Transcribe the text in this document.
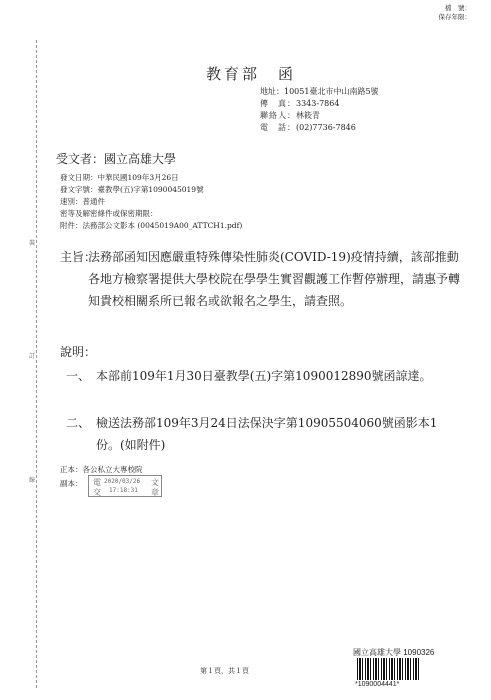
檔　號：
保存年限：
裝
訂
線
教育部　函
地址：10051臺北市中山南路5號
傳　真：3343-7864
聯絡人：林筱青
電　話：(02)7736-7846
受文者：國立高雄大學
發文日期：中華民國109年3月26日
發文字號：臺教學(五)字第1090045019號
速別：普通件
密等及解密條件或保密期限：
附件：法務部公文影本 (0045019A00_ATTCH1.pdf)
主旨：
法務部函知因應嚴重特殊傳染性肺炎(COVID-19)疫情持續，該部推動各地方檢察署提供大學校院在學學生實習觀護工作暫停辦理，請惠予轉知貴校相關系所已報名或欲報名之學生，請查照。
說明：
一、 本部前109年1月30日臺教學(五)字第1090012890號函諒達。
二、 檢送法務部109年3月24日法保決字第10905504060號函影本1份。(如附件)
正本：各公私立大專校院
副本： 電
交
文
章
2020/03/26
17:18:31
第１頁，共１頁
國立高雄大學 1090326
*1090004441*
